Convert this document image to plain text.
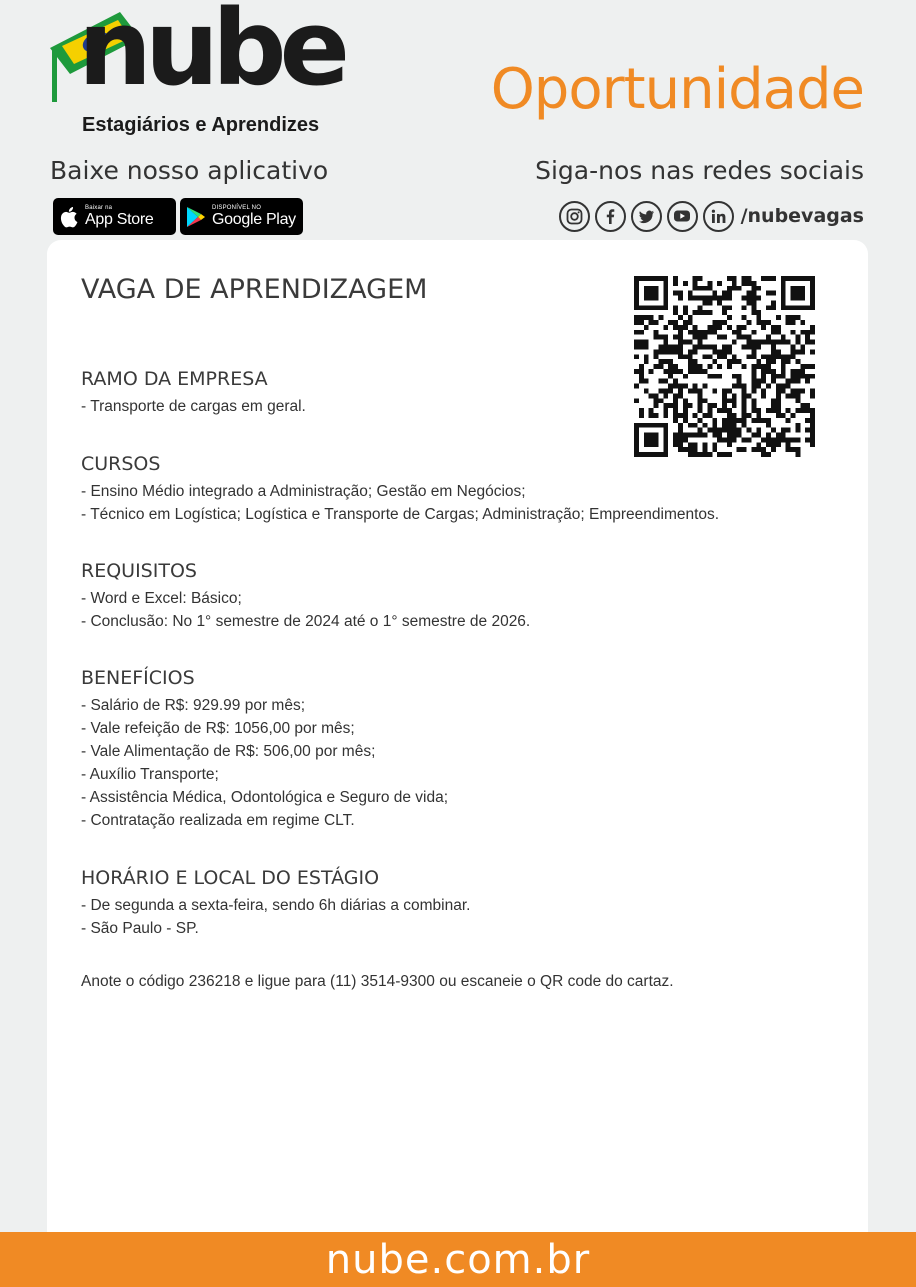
nube
Estagiários e Aprendizes
Oportunidade
Baixe nosso aplicativo	Siga-nos nas redes sociais
Baixar na
App Store
DISPONÍVEL NO
Google Play	/nubevagas
VAGA DE APRENDIZAGEM
RAMO DA EMPRESA
- Transporte de cargas em geral.
CURSOS
- Ensino Médio integrado a Administração; Gestão em Negócios;
- Técnico em Logística; Logística e Transporte de Cargas; Administração; Empreendimentos.
REQUISITOS
- Word e Excel: Básico;
- Conclusão: No 1° semestre de 2024 até o 1° semestre de 2026.
BENEFÍCIOS
- Salário de R$: 929.99 por mês;
- Vale refeição de R$: 1056,00 por mês;
- Vale Alimentação de R$: 506,00 por mês;
- Auxílio Transporte;
- Assistência Médica, Odontológica e Seguro de vida;
- Contratação realizada em regime CLT.
HORÁRIO E LOCAL DO ESTÁGIO
- De segunda a sexta-feira, sendo 6h diárias a combinar.
- São Paulo - SP.
Anote o código 236218 e ligue para (11) 3514-9300 ou escaneie o QR code do cartaz.
nube.com.br
